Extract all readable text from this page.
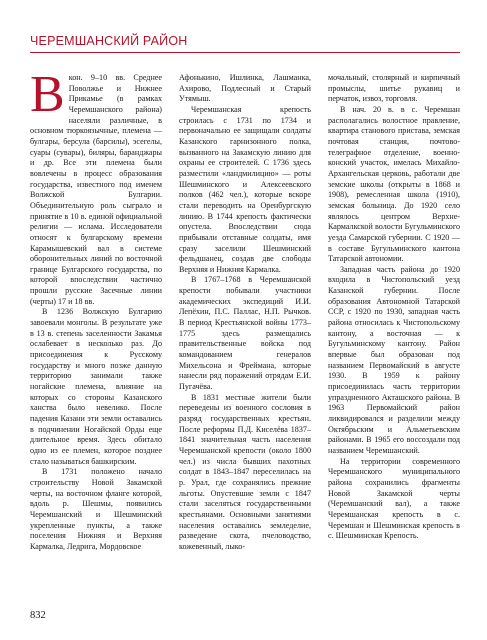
ЧЕРЕМШАНСКИЙ РАЙОН

Вкон. 9–10 вв. Среднее Поволжье и Нижнее Прикамье (в рамках Черемшанского района) населяли различные, в основном тюркоязычные, племена — булгары, берсула (барсилы), эсегелы, суары (сувары), биляры, баранджары и др. Все эти племена были вовлечены в процесс образования государства, известного под именем Волжской Булгарии. Объединительную роль сыграло и принятие в 10 в. единой официальной религии — ислама. Исследователи относят к булгарскому времени Карамышевский вал в системе оборонительных линий по восточной границе Булгарского государства, по которой впоследствии частично прошли русские Засечные линии (черты) 17 и 18 вв.

В 1236 Волжскую Булгарию завоевали монголы. В результате уже в 13 в. степень заселенности Закамья ослабевает в несколько раз. До присоединения к Русскому государству и много позже данную территорию занимали также ногайские племена, влияние на которых со стороны Казанского ханства было невелико. После падения Казани эти земли оставались в подчинении Ногайской Орды еще длительное время. Здесь обитало одно из ее племен, которое позднее стало называться башкирским.

В 1731 положено начало строительству Новой Закамской черты, на восточном фланге которой, вдоль р. Шешмы, появились Черемшанский и Шешминский укрепленные пункты, а также поселения Нижняя и Верхняя Кармалка, Ледрига, Мордовское

Афонькино, Ишлинка, Лашманка, Ахирово, Подлесный и Старый Утямыш.

Черемшанская крепость строилась с 1731 по 1734 и первоначально ее защищали солдаты Казанского гарнизонного полка, вызванного на Закамскую линию для охраны ее строителей. С 1736 здесь разместили «ландмилицию» — роты Шешминского и Алексеевского полков (462 чел.), которые вскоре стали переводить на Оренбургскую линию. В 1744 крепость фактически опустела. Впоследствии сюда прибывали отставные солдаты, имя сразу заселили Шешминский фельдшанец, создав две слободы Верхняя и Нижняя Кармалка.

В 1767–1768 в Черемшанской крепости побывали участники академических экспедиций И.И. Лепёхин, П.С. Паллас, Н.П. Рычков. В период Крестьянской войны 1773–1775 здесь размещались правительственные войска под командованием генералов Михельсона и Фреймана, которые нанесли ряд поражений отрядам Е.И. Пугачёва.

В 1831 местные жители были переведены из военного сословия в разряд государственных крестьян. После реформы П.Д. Киселёва 1837–1841 значительная часть населения Черемшанской крепости (около 1800 чел.) из числа бывших пахотных солдат в 1843–1847 переселилась на р. Урал, где сохранялись прежние льготы. Опустевшие земли с 1847 стали заселяться государственными крестьянами. Основными занятиями населения оставались земледелие, разведение скота, пчеловодство, кожевенный, лыко-

мочальный, столярный и кирпичный промыслы, шитье рукавиц и перчаток, извоз, торговля.

В нач. 20 в. в с. Черемшан располагались волостное правление, квартира станового пристава, земская почтовая станция, почтово-телеграфное отделение, военно-конский участок, имелась Михайло-Архангельская церковь, работали две земские школы (открыты в 1868 и 1908), ремесленная школа (1910), земская больница. До 1920 село являлось центром Верхне-Кармалкской волости Бугульминского уезда Самарской губернии. С 1920 — в составе Бугульминского кантона Татарской автономии.

Западная часть района до 1920 входила в Чистопольский уезд Казанской губернии. После образования Автономной Татарской ССР, с 1920 по 1930, западная часть района относилась к Чистопольскому кантону, а восточная — к Бугульминскому кантону. Район впервые был образован под названием Первомайский в августе 1930. В 1959 к району присоединилась часть территории упраздненного Акташского района. В 1963 Первомайский район ликвидировался и разделили между Октябрьским и Альметьевским районами. В 1965 его воссоздали под названием Черемшанский.

На территории современного Черемшанского муниципального района сохранились фрагменты Новой Закамской черты (Черемшанский вал), а также Черемшанская крепость в с. Черемшан и Шешминская крепость в с. Шешминская Крепость.

832
